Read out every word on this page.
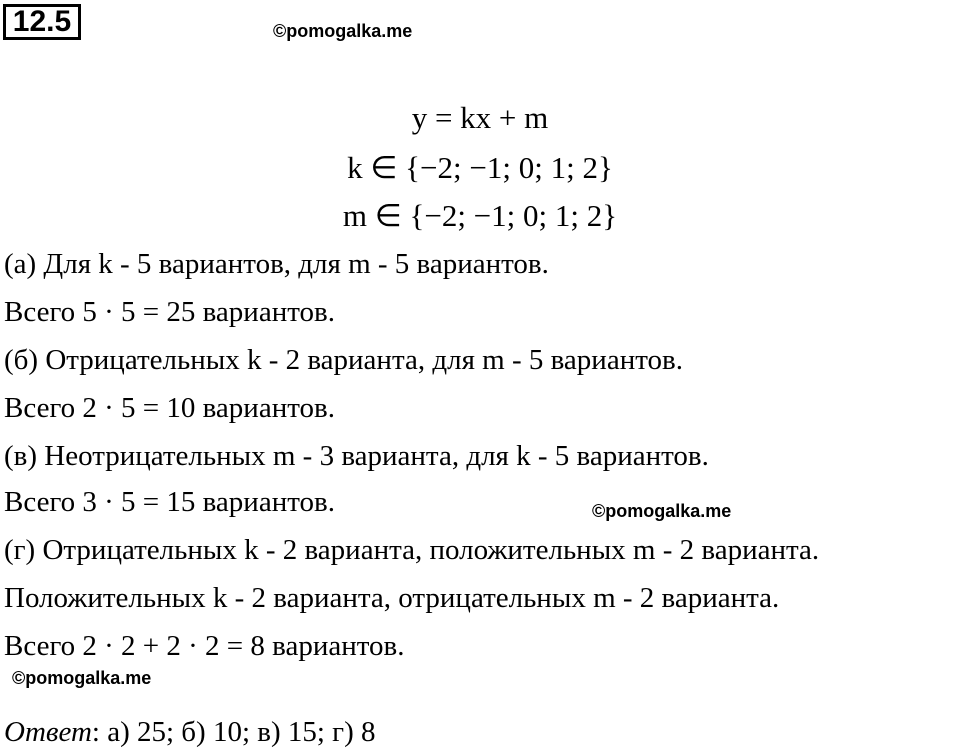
12.5	©pomogalka.me
y = kx + m
k ∈ {−2; −1; 0; 1; 2}
m ∈ {−2; −1; 0; 1; 2}
(а) Для k - 5 вариантов, для m - 5 вариантов.
Всего 5 · 5 = 25 вариантов.
(б) Отрицательных k - 2 варианта, для m - 5 вариантов.
Всего 2 · 5 = 10 вариантов.
(в) Неотрицательных m - 3 варианта, для k - 5 вариантов.
Всего 3 · 5 = 15 вариантов.	©pomogalka.me
(г) Отрицательных k - 2 варианта, положительных m - 2 варианта.
Положительных k - 2 варианта, отрицательных m - 2 варианта.
Всего 2 · 2 + 2 · 2 = 8 вариантов.
©pomogalka.me
Ответ: а) 25; б) 10; в) 15; г) 8
